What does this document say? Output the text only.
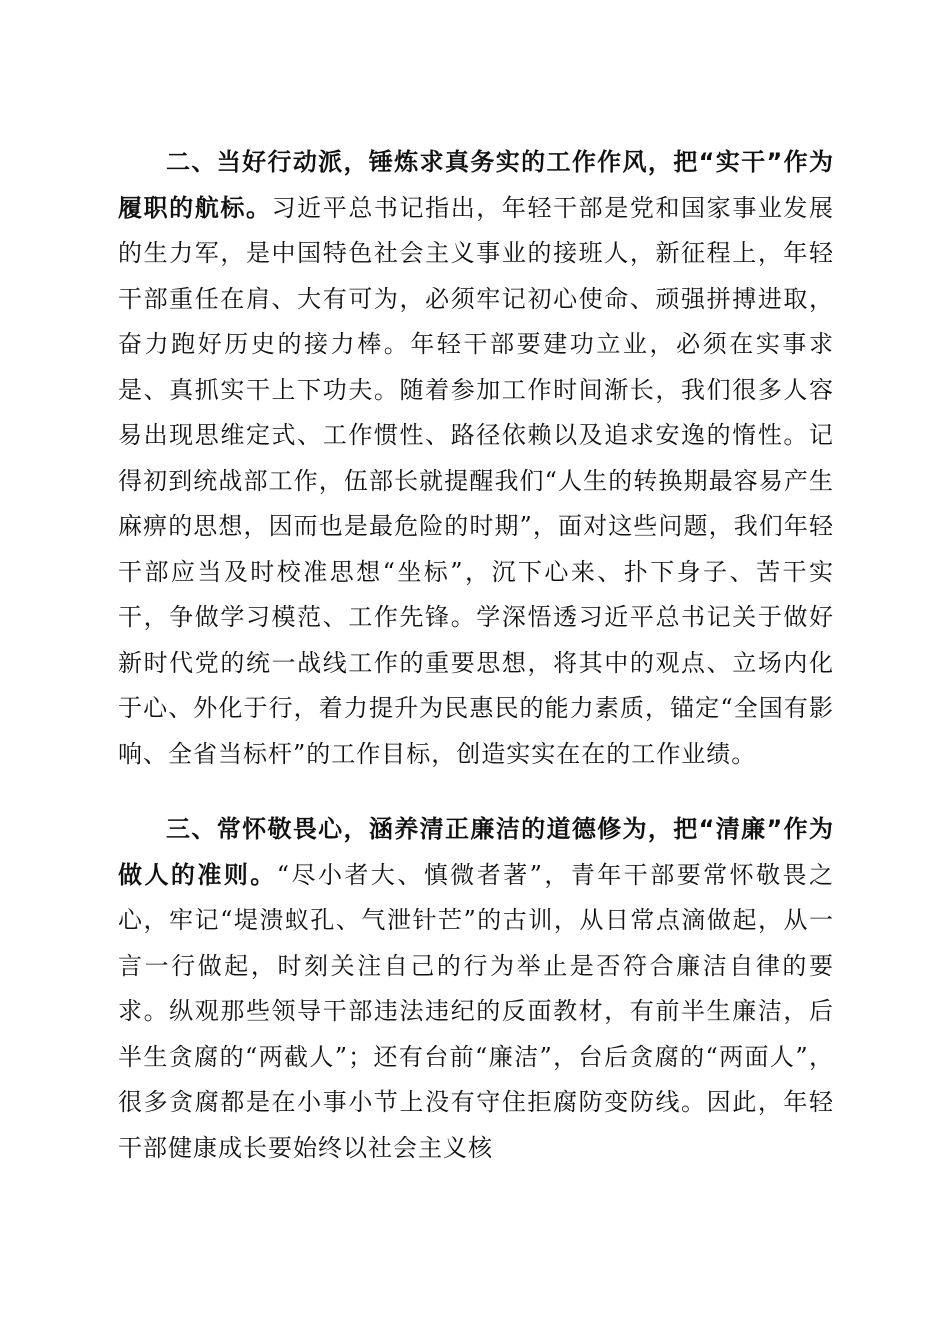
二、当好行动派，锤炼求真务实的工作作风，把“实干”作为履职的航标。习近平总书记指出，年轻干部是党和国家事业发展的生力军，是中国特色社会主义事业的接班人，新征程上，年轻干部重任在肩、大有可为，必须牢记初心使命、顽强拼搏进取，奋力跑好历史的接力棒。年轻干部要建功立业，必须在实事求是、真抓实干上下功夫。随着参加工作时间渐长，我们很多人容易出现思维定式、工作惯性、路径依赖以及追求安逸的惰性。记得初到统战部工作，伍部长就提醒我们“人生的转换期最容易产生麻痹的思想，因而也是最危险的时期”，面对这些问题，我们年轻干部应当及时校准思想“坐标”，沉下心来、扑下身子、苦干实干，争做学习模范、工作先锋。学深悟透习近平总书记关于做好新时代党的统一战线工作的重要思想，将其中的观点、立场内化于心、外化于行，着力提升为民惠民的能力素质，锚定“全国有影响、全省当标杆”的工作目标，创造实实在在的工作业绩。

三、常怀敬畏心，涵养清正廉洁的道德修为，把“清廉”作为做人的准则。“尽小者大、慎微者著”，青年干部要常怀敬畏之心，牢记“堤溃蚁孔、气泄针芒”的古训，从日常点滴做起，从一言一行做起，时刻关注自己的行为举止是否符合廉洁自律的要求。纵观那些领导干部违法违纪的反面教材，有前半生廉洁，后半生贪腐的“两截人”；还有台前“廉洁”，台后贪腐的“两面人”，很多贪腐都是在小事小节上没有守住拒腐防变防线。因此，年轻干部健康成长要始终以社会主义核
